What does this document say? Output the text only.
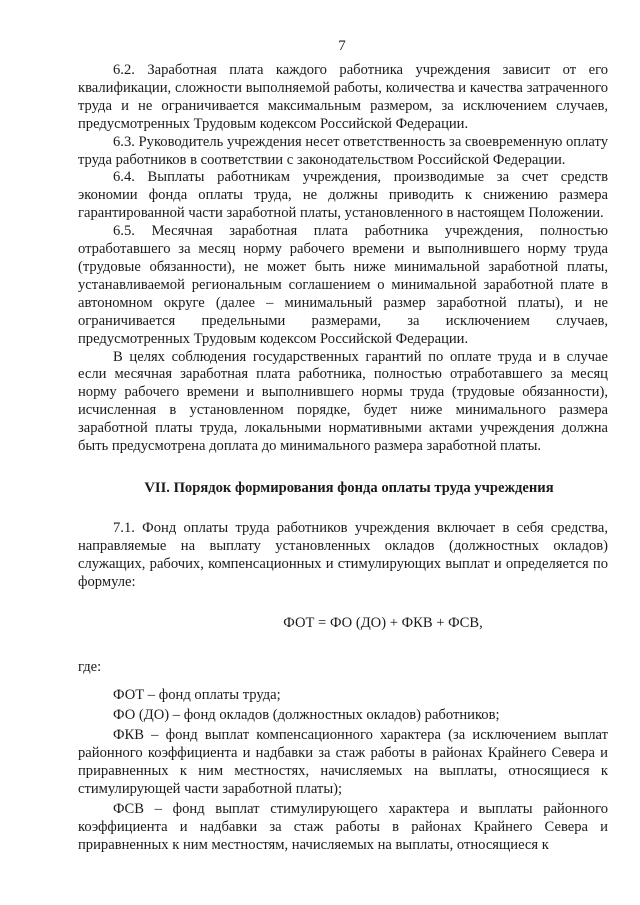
7

6.2. Заработная плата каждого работника учреждения зависит от его квалификации, сложности выполняемой работы, количества и качества затраченного труда и не ограничивается максимальным размером, за исключением случаев, предусмотренных Трудовым кодексом Российской Федерации.

6.3. Руководитель учреждения несет ответственность за своевременную оплату труда работников в соответствии с законодательством Российской Федерации.

6.4. Выплаты работникам учреждения, производимые за счет средств экономии фонда оплаты труда, не должны приводить к снижению размера гарантированной части заработной платы, установленного в настоящем Положении.

6.5. Месячная заработная плата работника учреждения, полностью отработавшего за месяц норму рабочего времени и выполнившего норму труда (трудовые обязанности), не может быть ниже минимальной заработной платы, устанавливаемой региональным соглашением о минимальной заработной плате в автономном округе (далее – минимальный размер заработной платы), и не ограничивается предельными размерами, за исключением случаев, предусмотренных Трудовым кодексом Российской Федерации.

В целях соблюдения государственных гарантий по оплате труда и в случае если месячная заработная плата работника, полностью отработавшего за месяц норму рабочего времени и выполнившего нормы труда (трудовые обязанности), исчисленная в установленном порядке, будет ниже минимального размера заработной платы труда, локальными нормативными актами учреждения должна быть предусмотрена доплата до минимального размера заработной платы.

VII. Порядок формирования фонда оплаты труда учреждения

7.1. Фонд оплаты труда работников учреждения включает в себя средства, направляемые на выплату установленных окладов (должностных окладов) служащих, рабочих, компенсационных и стимулирующих выплат и определяется по формуле:

ФОТ = ФО (ДО) + ФКВ + ФСВ,

где:

ФОТ – фонд оплаты труда;

ФО (ДО) – фонд окладов (должностных окладов) работников;

ФКВ – фонд выплат компенсационного характера (за исключением выплат районного коэффициента и надбавки за стаж работы в районах Крайнего Севера и приравненных к ним местностях, начисляемых на выплаты, относящиеся к стимулирующей части заработной платы);

ФСВ – фонд выплат стимулирующего характера и выплаты районного коэффициента и надбавки за стаж работы в районах Крайнего Севера и приравненных к ним местностям, начисляемых на выплаты, относящиеся к
